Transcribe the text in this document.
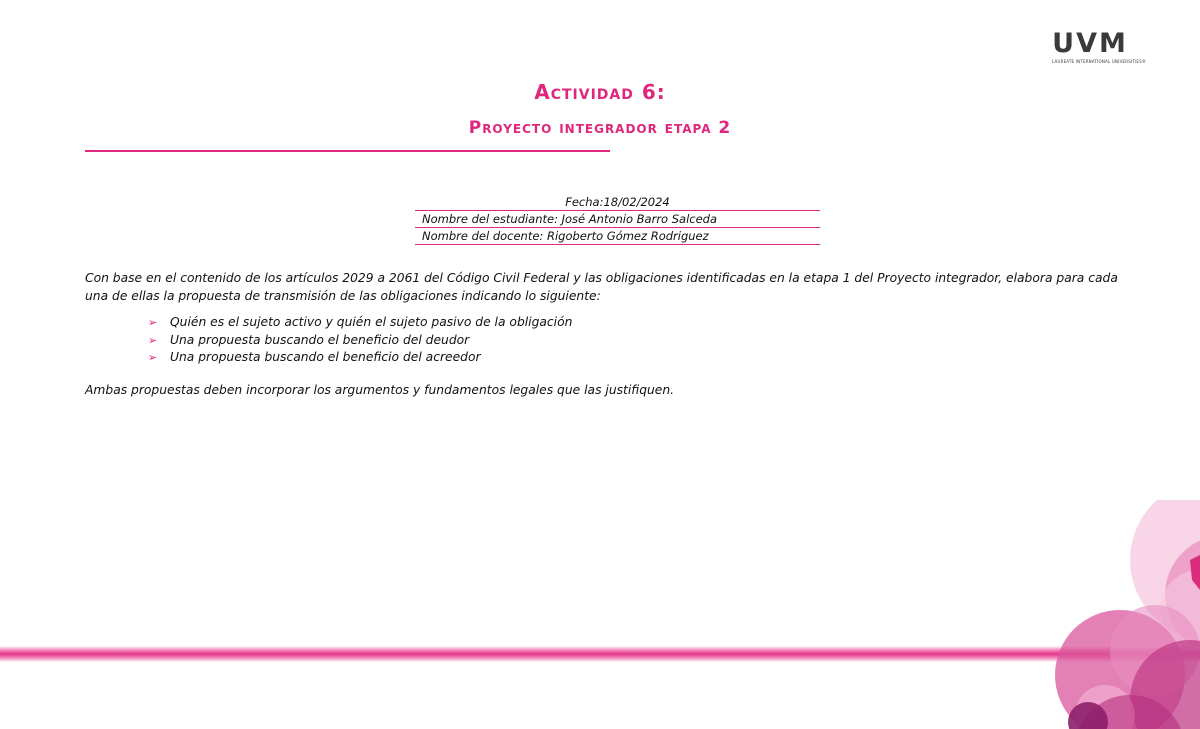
UVM
LAUREATE INTERNATIONAL UNIVERSITIES®
Actividad 6:
Proyecto integrador etapa 2
Fecha:18/02/2024
Nombre del estudiante: José Antonio Barro Salceda
Nombre del docente: Rigoberto Gómez Rodriguez

Con base en el contenido de los artículos 2029 a 2061 del Código Civil Federal y las obligaciones identificadas en la etapa 1 del Proyecto integrador, elabora para cada una de ellas la propuesta de transmisión de las obligaciones indicando lo siguiente:

➢	Quién es el sujeto activo y quién el sujeto pasivo de la obligación
➢	Una propuesta buscando el beneficio del deudor
➢	Una propuesta buscando el beneficio del acreedor

Ambas propuestas deben incorporar los argumentos y fundamentos legales que las justifiquen.
